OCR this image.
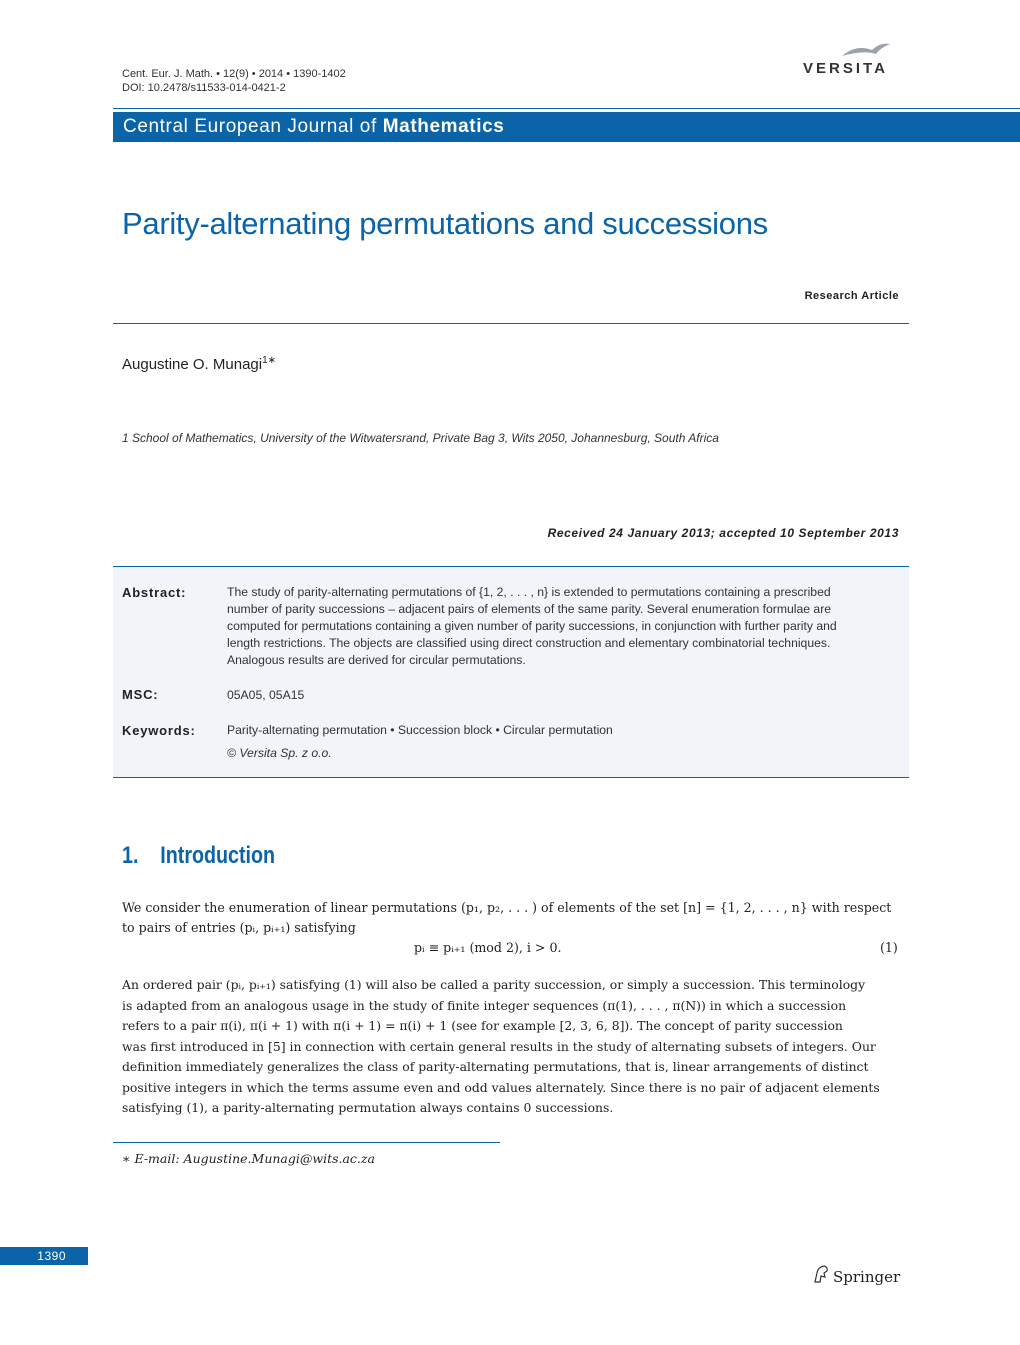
Cent. Eur. J. Math. • 12(9) • 2014 • 1390-1402
DOI: 10.2478/s11533-014-0421-2
VERSITA
Central European Journal of Mathematics
Parity-alternating permutations and successions
Research Article
Augustine O. Munagi$^{1∗}$
1 School of Mathematics, University of the Witwatersrand, Private Bag 3, Wits 2050, Johannesburg, South Africa
Received 24 January 2013; accepted 10 September 2013
Abstract:	The study of parity-alternating permutations of {1, 2, . . . , n} is extended to permutations containing a prescribed
number of parity successions – adjacent pairs of elements of the same parity. Several enumeration formulae are
computed for permutations containing a given number of parity successions, in conjunction with further parity and
length restrictions. The objects are classified using direct construction and elementary combinatorial techniques.
Analogous results are derived for circular permutations.
MSC:	05A05, 05A15
Keywords:	Parity-alternating permutation • Succession block • Circular permutation
© Versita Sp. z o.o.
1. Introduction
We consider the enumeration of linear permutations (p₁, p₂, . . . ) of elements of the set [n] = {1, 2, . . . , n} with respect
to pairs of entries (pᵢ, pᵢ₊₁) satisfying
pᵢ ≡ pᵢ₊₁ (mod 2), i > 0.	(1)
An ordered pair (pᵢ, pᵢ₊₁) satisfying (1) will also be called a parity succession, or simply a succession. This terminology
is adapted from an analogous usage in the study of finite integer sequences (π(1), . . . , π(N)) in which a succession
refers to a pair π(i), π(i + 1) with π(i + 1) = π(i) + 1 (see for example [2, 3, 6, 8]). The concept of parity succession
was first introduced in [5] in connection with certain general results in the study of alternating subsets of integers. Our
definition immediately generalizes the class of parity-alternating permutations, that is, linear arrangements of distinct
positive integers in which the terms assume even and odd values alternately. Since there is no pair of adjacent elements
satisfying (1), a parity-alternating permutation always contains 0 successions.
∗ E-mail: Augustine.Munagi@wits.ac.za
1390
Springer
